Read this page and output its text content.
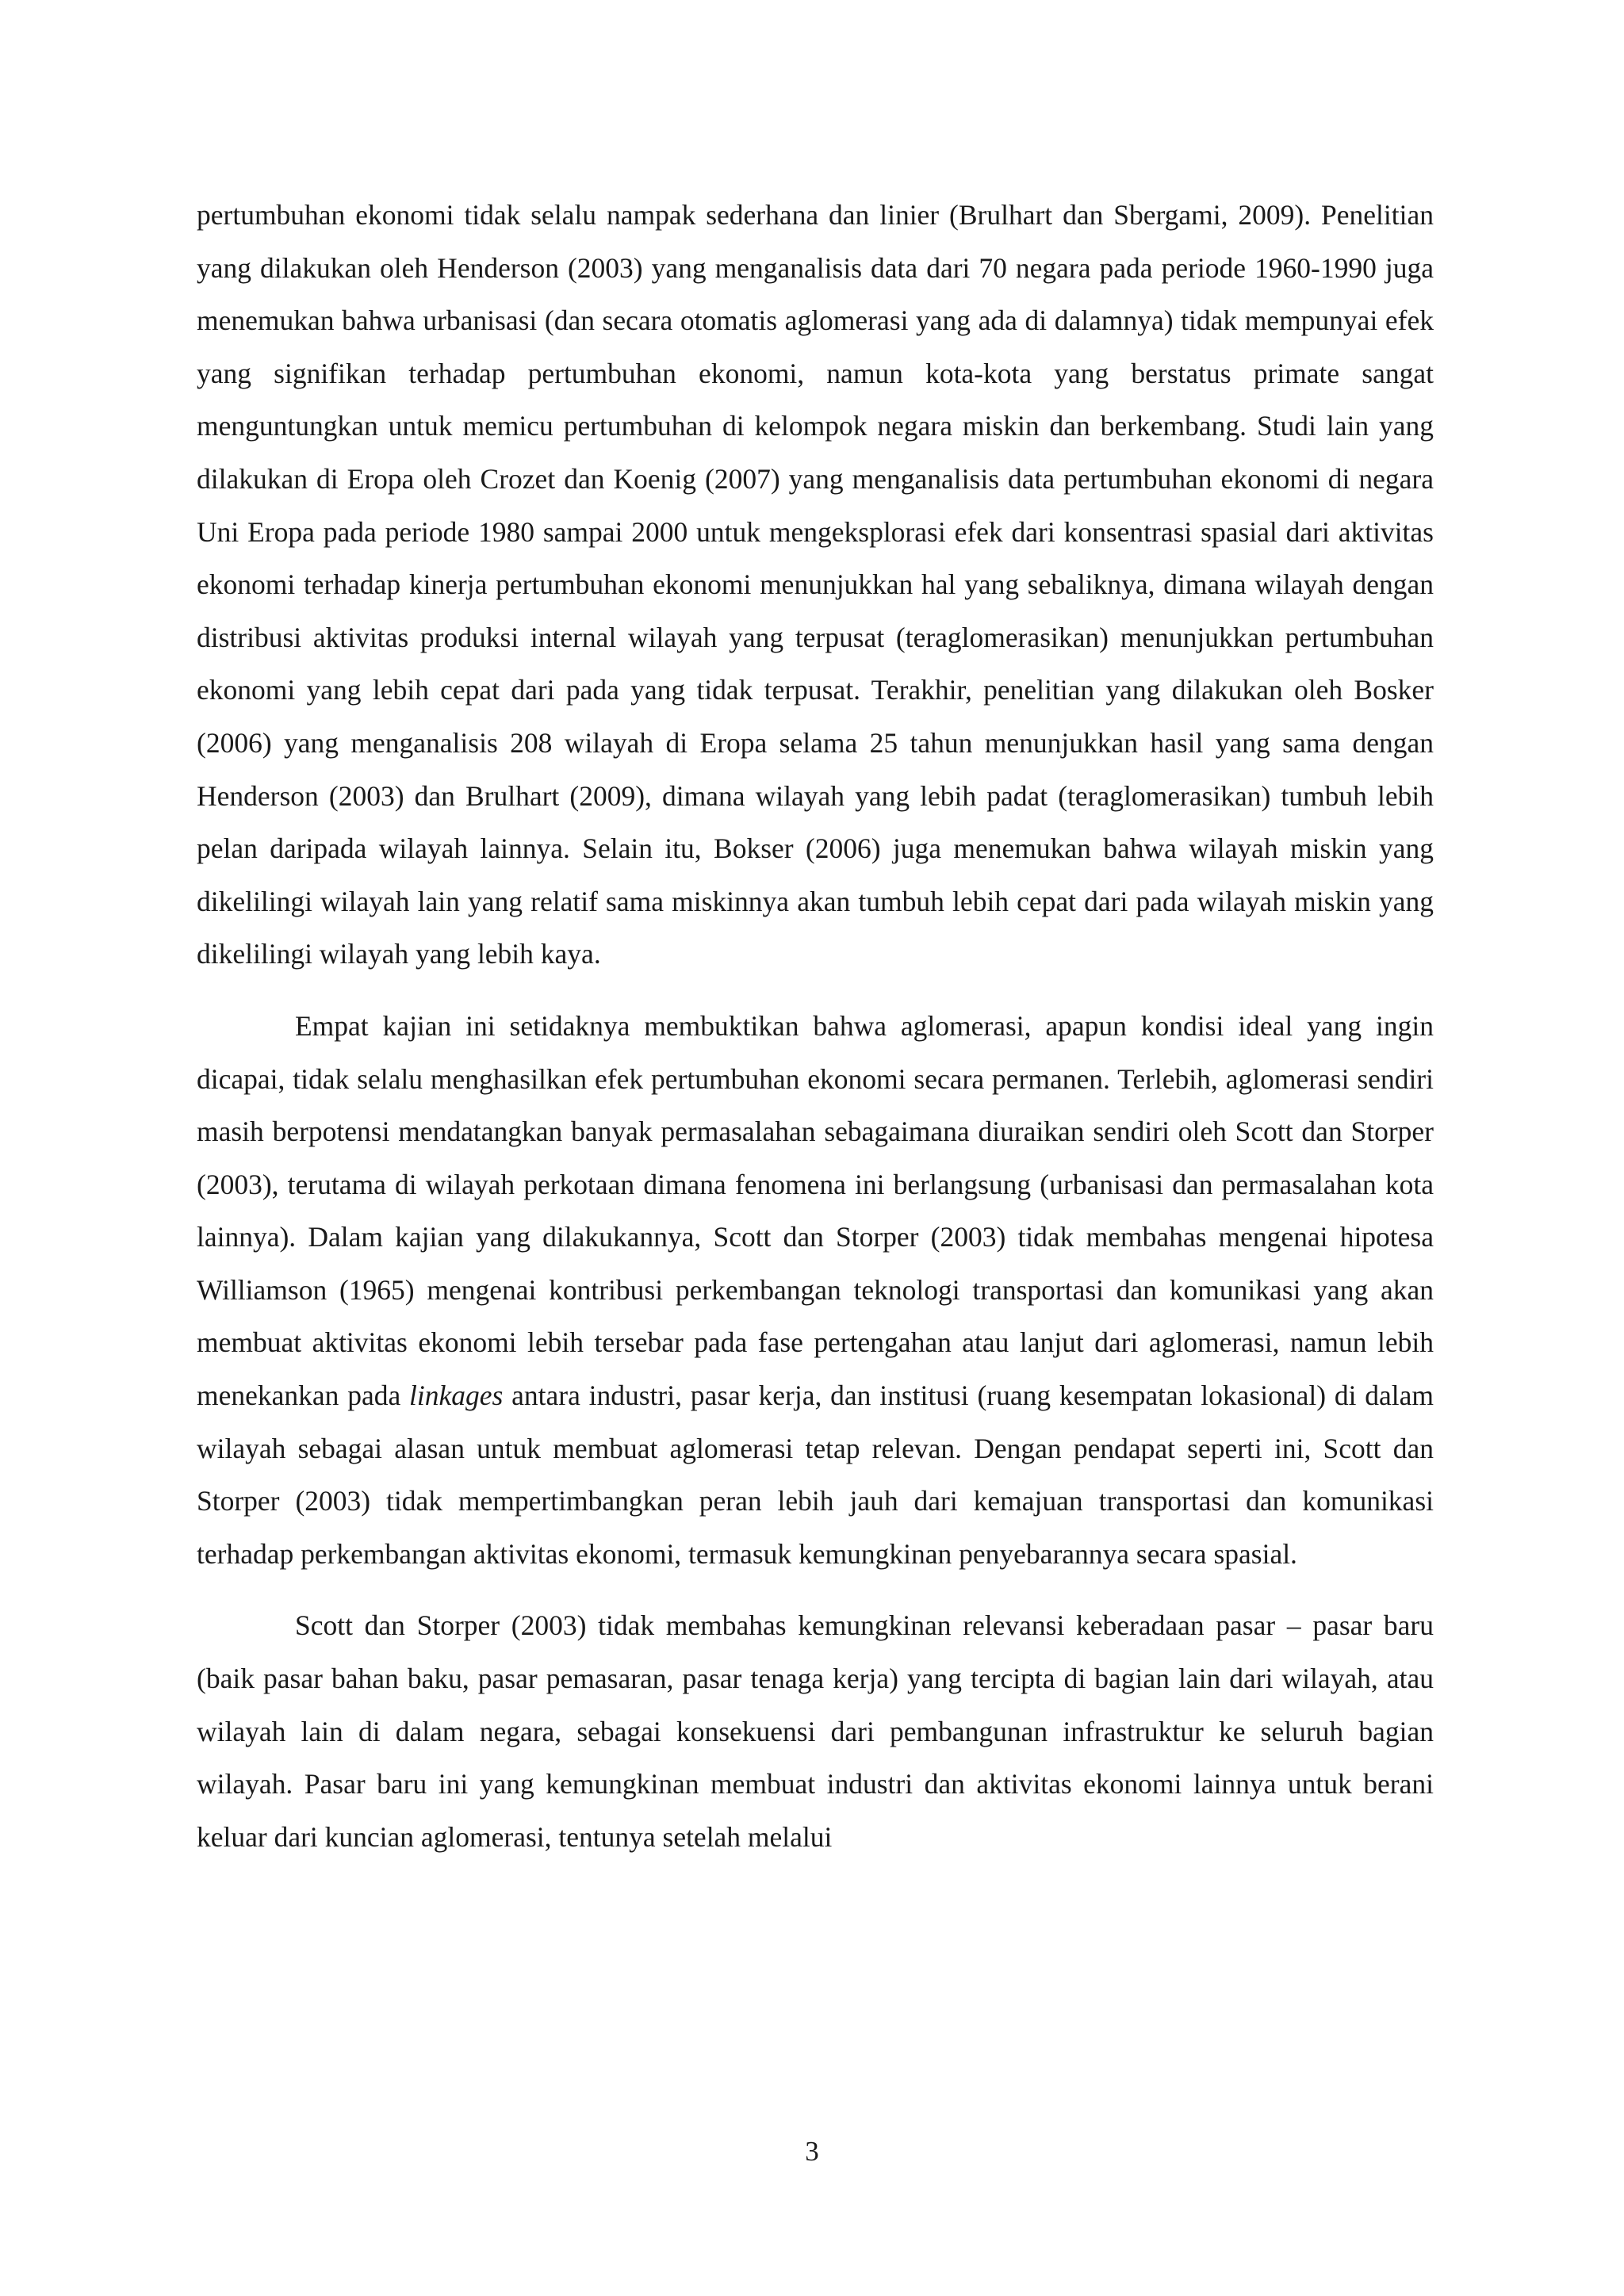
pertumbuhan ekonomi tidak selalu nampak sederhana dan linier (Brulhart dan Sbergami, 2009). Penelitian yang dilakukan oleh Henderson (2003) yang menganalisis data dari 70 negara pada periode 1960-1990 juga menemukan bahwa urbanisasi (dan secara otomatis aglomerasi yang ada di dalamnya) tidak mempunyai efek yang signifikan terhadap pertumbuhan ekonomi, namun kota-kota yang berstatus primate sangat menguntungkan untuk memicu pertumbuhan di kelompok negara miskin dan berkembang. Studi lain yang dilakukan di Eropa oleh Crozet dan Koenig (2007) yang menganalisis data pertumbuhan ekonomi di negara Uni Eropa pada periode 1980 sampai 2000 untuk mengeksplorasi efek dari konsentrasi spasial dari aktivitas ekonomi terhadap kinerja pertumbuhan ekonomi menunjukkan hal yang sebaliknya, dimana wilayah dengan distribusi aktivitas produksi internal wilayah yang terpusat (teraglomerasikan) menunjukkan pertumbuhan ekonomi yang lebih cepat dari pada yang tidak terpusat. Terakhir, penelitian yang dilakukan oleh Bosker (2006) yang menganalisis 208 wilayah di Eropa selama 25 tahun menunjukkan hasil yang sama dengan Henderson (2003) dan Brulhart (2009), dimana wilayah yang lebih padat (teraglomerasikan) tumbuh lebih pelan daripada wilayah lainnya. Selain itu, Bokser (2006) juga menemukan bahwa wilayah miskin yang dikelilingi wilayah lain yang relatif sama miskinnya akan tumbuh lebih cepat dari pada wilayah miskin yang dikelilingi wilayah yang lebih kaya.

Empat kajian ini setidaknya membuktikan bahwa aglomerasi, apapun kondisi ideal yang ingin dicapai, tidak selalu menghasilkan efek pertumbuhan ekonomi secara permanen. Terlebih, aglomerasi sendiri masih berpotensi mendatangkan banyak permasalahan sebagaimana diuraikan sendiri oleh Scott dan Storper (2003), terutama di wilayah perkotaan dimana fenomena ini berlangsung (urbanisasi dan permasalahan kota lainnya). Dalam kajian yang dilakukannya, Scott dan Storper (2003) tidak membahas mengenai hipotesa Williamson (1965) mengenai kontribusi perkembangan teknologi transportasi dan komunikasi yang akan membuat aktivitas ekonomi lebih tersebar pada fase pertengahan atau lanjut dari aglomerasi, namun lebih menekankan pada linkages antara industri, pasar kerja, dan institusi (ruang kesempatan lokasional) di dalam wilayah sebagai alasan untuk membuat aglomerasi tetap relevan. Dengan pendapat seperti ini, Scott dan Storper (2003) tidak mempertimbangkan peran lebih jauh dari kemajuan transportasi dan komunikasi terhadap perkembangan aktivitas ekonomi, termasuk kemungkinan penyebarannya secara spasial.

Scott dan Storper (2003) tidak membahas kemungkinan relevansi keberadaan pasar – pasar baru (baik pasar bahan baku, pasar pemasaran, pasar tenaga kerja) yang tercipta di bagian lain dari wilayah, atau wilayah lain di dalam negara, sebagai konsekuensi dari pembangunan infrastruktur ke seluruh bagian wilayah. Pasar baru ini yang kemungkinan membuat industri dan aktivitas ekonomi lainnya untuk berani keluar dari kuncian aglomerasi, tentunya setelah melalui

3
